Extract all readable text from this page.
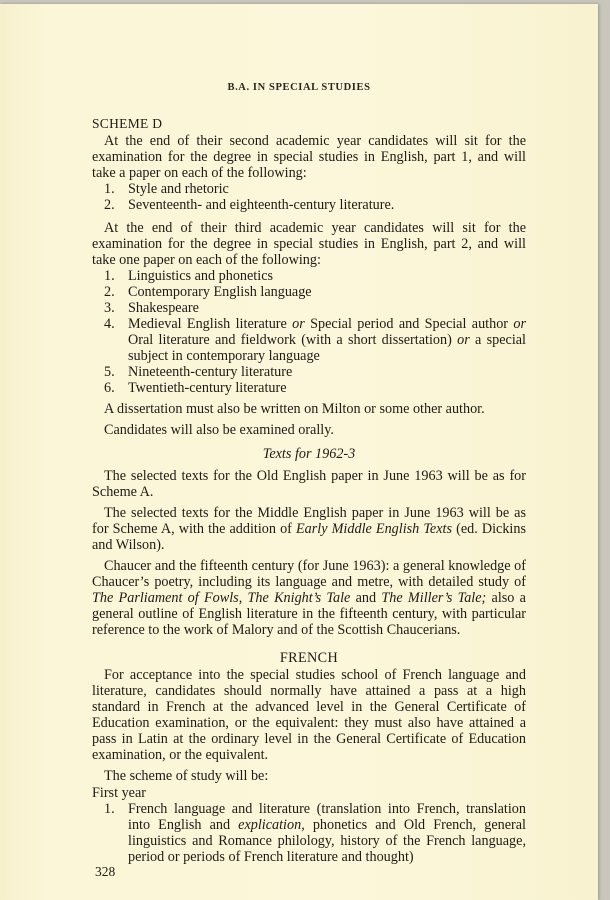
B.A. IN SPECIAL STUDIES

SCHEME D

At the end of their second academic year candidates will sit for the examination for the degree in special studies in English, part 1, and will take a paper on each of the following:

1. Style and rhetoric
2. Seventeenth- and eighteenth-century literature.

At the end of their third academic year candidates will sit for the examination for the degree in special studies in English, part 2, and will take one paper on each of the following:

1. Linguistics and phonetics
2. Contemporary English language
3. Shakespeare
4. Medieval English literature or Special period and Special author or Oral literature and fieldwork (with a short dissertation) or a special subject in contemporary language
5. Nineteenth-century literature
6. Twentieth-century literature

A dissertation must also be written on Milton or some other author.

Candidates will also be examined orally.

Texts for 1962-3

The selected texts for the Old English paper in June 1963 will be as for Scheme A.

The selected texts for the Middle English paper in June 1963 will be as for Scheme A, with the addition of Early Middle English Texts (ed. Dickins and Wilson).

Chaucer and the fifteenth century (for June 1963): a general knowledge of Chaucer’s poetry, including its language and metre, with detailed study of The Parliament of Fowls, The Knight’s Tale and The Miller’s Tale; also a general outline of English literature in the fifteenth century, with particular reference to the work of Malory and of the Scottish Chaucerians.

FRENCH

For acceptance into the special studies school of French language and literature, candidates should normally have attained a pass at a high standard in French at the advanced level in the General Certificate of Education examination, or the equivalent: they must also have attained a pass in Latin at the ordinary level in the General Certificate of Education examination, or the equivalent.

The scheme of study will be:

First year

1. French language and literature (translation into French, translation into English and explication, phonetics and Old French, general linguistics and Romance philology, history of the French language, period or periods of French literature and thought)
328
